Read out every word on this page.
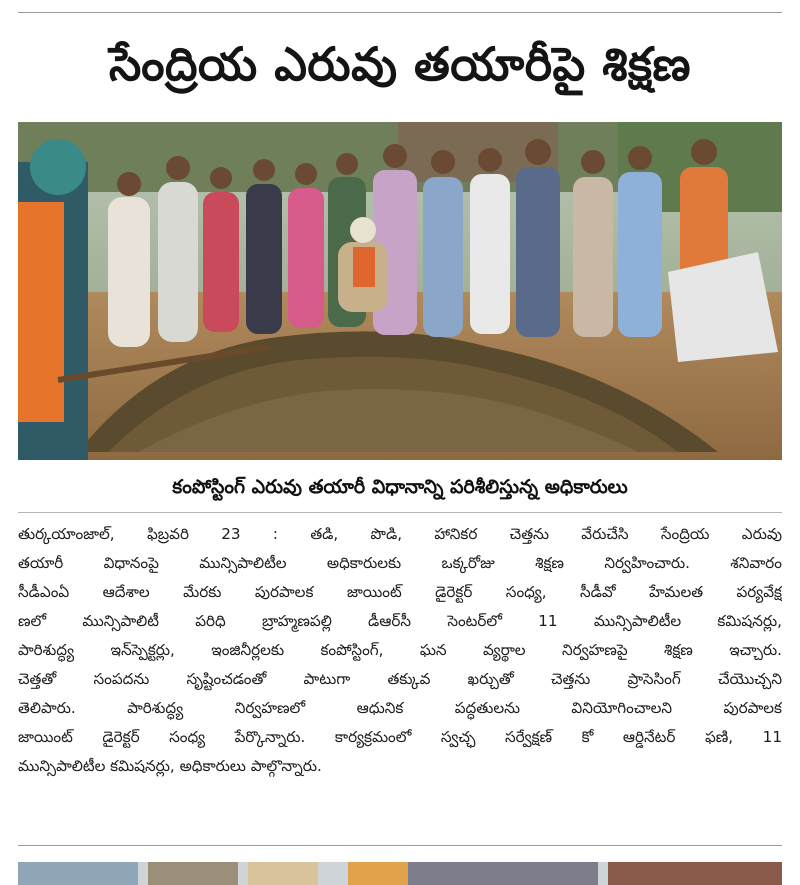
సేంద్రియ ఎరువు తయారీపై శిక్షణ
కంపోస్టింగ్ ఎరువు తయారీ విధానాన్ని పరిశీలిస్తున్న అధికారులు
తుర్కయాంజాల్, ఫిబ్రవరి 23 : తడి, పొడి, హానికర చెత్తను వేరుచేసి సేంద్రియ ఎరువు
తయారీ విధానంపై మున్సిపాలిటీల అధికారులకు ఒక్కరోజు శిక్షణ నిర్వహించారు. శనివారం
సీడీఎంఏ ఆదేశాల మేరకు పురపాలక జాయింట్ డైరెక్టర్ సంధ్య, సీడీవో హేమలత పర్యవేక్ష
ణలో మున్సిపాలిటీ పరిధి బ్రాహ్మణపల్లి డీఆర్‌సీ సెంటర్‌లో 11 మున్సిపాలిటీల కమిషనర్లు,
పారిశుద్ధ్య ఇన్‌స్పెక్టర్లు, ఇంజినీర్లలకు కంపోస్టింగ్, ఘన వ్యర్థాల నిర్వహణపై శిక్షణ ఇచ్చారు.
చెత్తతో సంపదను సృష్టించడంతో పాటుగా తక్కువ ఖర్చుతో చెత్తను ప్రాసెసింగ్ చేయొచ్చని
తెలిపారు. పారిశుద్ధ్య నిర్వహణలో ఆధునిక పద్ధతులను వినియోగించాలని పురపాలక
జాయింట్ డైరెక్టర్ సంధ్య పేర్కొన్నారు. కార్యక్రమంలో స్వచ్ఛ సర్వేక్షణ్ కో ఆర్డినేటర్ ఫణి, 11
మున్సిపాలిటీల కమిషనర్లు, అధికారులు పాల్గొన్నారు.
